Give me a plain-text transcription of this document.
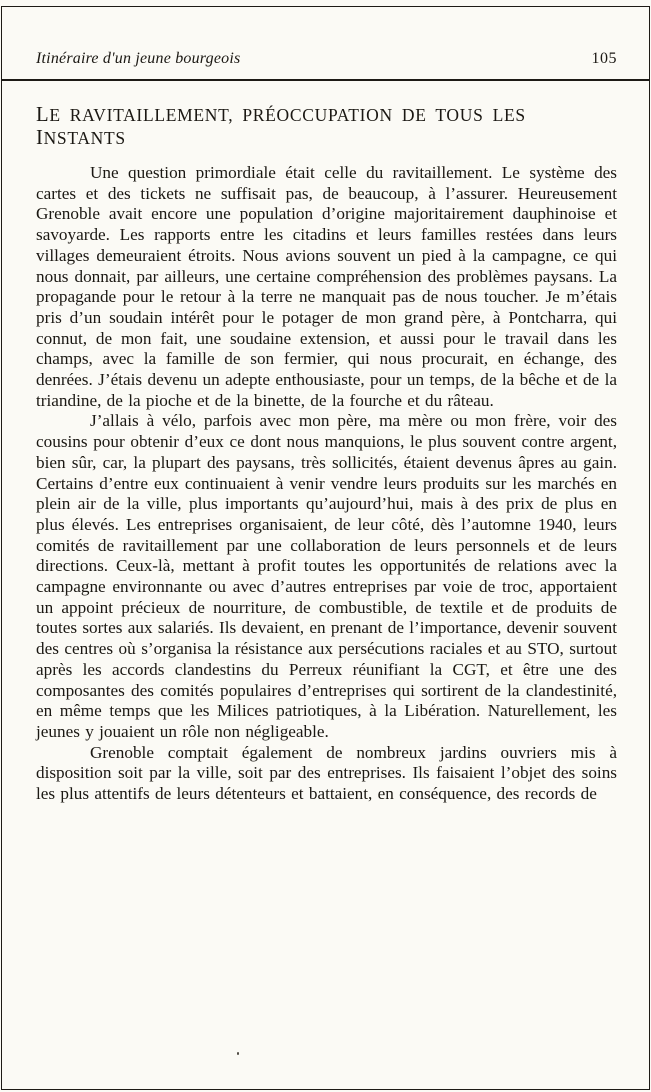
Itinéraire d'un jeune bourgeois	105
LE RAVITAILLEMENT, PRÉOCCUPATION DE TOUS LES
INSTANTS

Une question primordiale était celle du ravitaillement. Le système des cartes et des tickets ne suffisait pas, de beaucoup, à l’assurer. Heureusement Grenoble avait encore une population d’origine majoritairement dauphinoise et savoyarde. Les rapports entre les citadins et leurs familles restées dans leurs villages demeuraient étroits. Nous avions souvent un pied à la campagne, ce qui nous donnait, par ailleurs, une certaine compréhension des problèmes paysans. La propagande pour le retour à la terre ne manquait pas de nous toucher. Je m’étais pris d’un soudain intérêt pour le potager de mon grand père, à Pontcharra, qui connut, de mon fait, une soudaine extension, et aussi pour le travail dans les champs, avec la famille de son fermier, qui nous procurait, en échange, des denrées. J’étais devenu un adepte enthousiaste, pour un temps, de la bêche et de la triandine, de la pioche et de la binette, de la fourche et du râteau.

J’allais à vélo, parfois avec mon père, ma mère ou mon frère, voir des cousins pour obtenir d’eux ce dont nous manquions, le plus souvent contre argent, bien sûr, car, la plupart des paysans, très sollicités, étaient devenus âpres au gain. Certains d’entre eux continuaient à venir vendre leurs produits sur les marchés en plein air de la ville, plus importants qu’aujourd’hui, mais à des prix de plus en plus élevés. Les entreprises organisaient, de leur côté, dès l’automne 1940, leurs comités de ravitaillement par une collaboration de leurs personnels et de leurs directions. Ceux-là, mettant à profit toutes les opportunités de relations avec la campagne environnante ou avec d’autres entreprises par voie de troc, apportaient un appoint précieux de nourriture, de combustible, de textile et de produits de toutes sortes aux salariés. Ils devaient, en prenant de l’importance, devenir souvent des centres où s’organisa la résistance aux persécutions raciales et au STO, surtout après les accords clandestins du Perreux réunifiant la CGT, et être une des composantes des comités populaires d’entreprises qui sortirent de la clandestinité, en même temps que les Milices patriotiques, à la Libération. Naturellement, les jeunes y jouaient un rôle non négligeable.

Grenoble comptait également de nombreux jardins ouvriers mis à disposition soit par la ville, soit par des entreprises. Ils faisaient l’objet des soins les plus attentifs de leurs détenteurs et battaient, en conséquence, des records de
